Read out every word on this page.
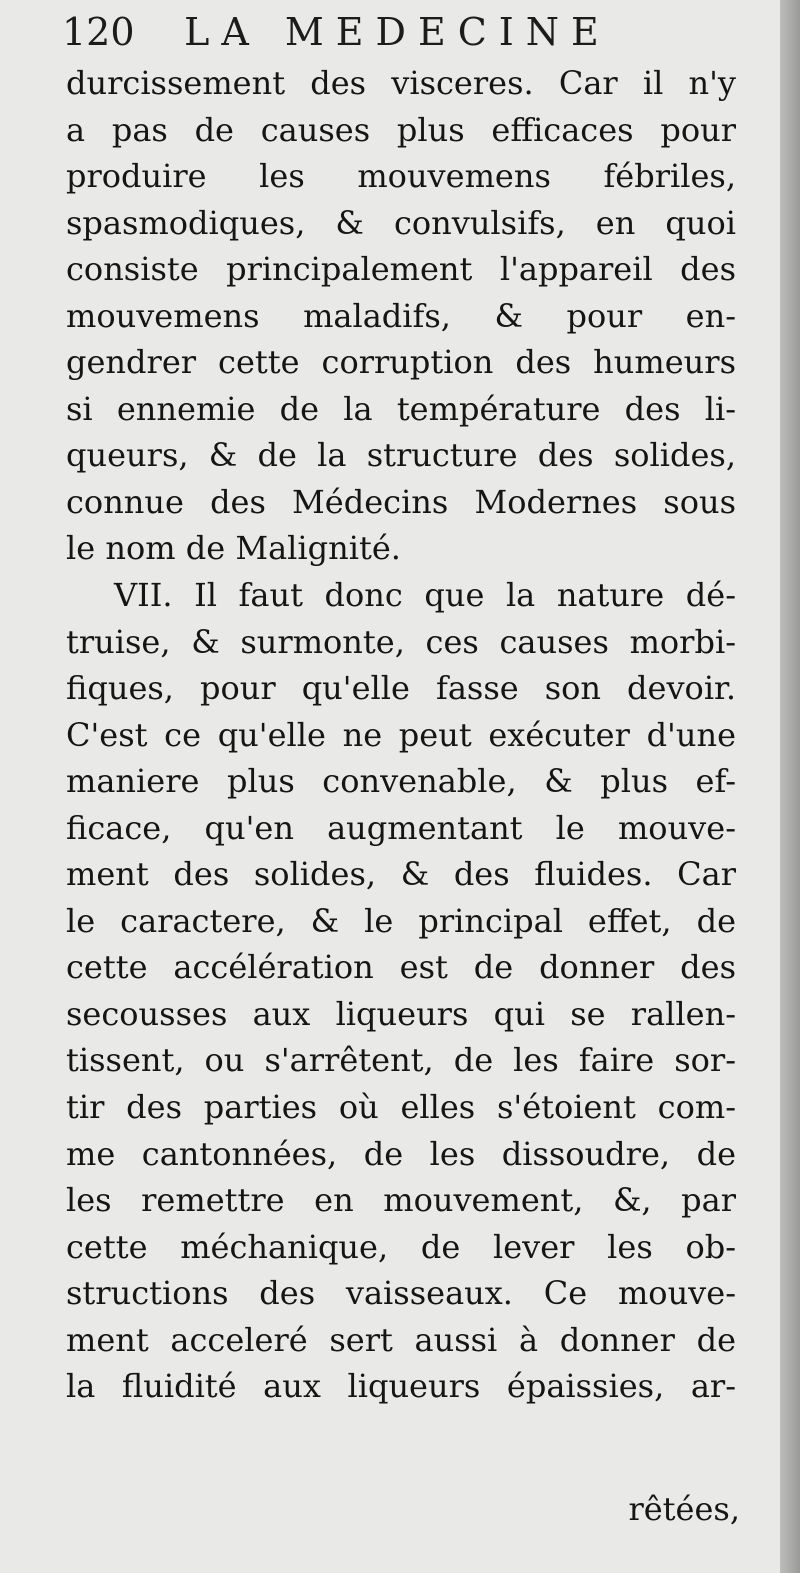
120 LA MEDECINE
durcissement des visceres. Car il n'y
a pas de causes plus efficaces pour
produire les mouvemens fébriles,
spasmodiques, & convulsifs, en quoi
consiste principalement l'appareil des
mouvemens maladifs, & pour en-
gendrer cette corruption des humeurs
si ennemie de la température des li-
queurs, & de la structure des solides,
connue des Médecins Modernes sous
le nom de Malignité.
VII. Il faut donc que la nature dé-
truise, & surmonte, ces causes morbi-
fiques, pour qu'elle fasse son devoir.
C'est ce qu'elle ne peut exécuter d'une
maniere plus convenable, & plus ef-
ficace, qu'en augmentant le mouve-
ment des solides, & des fluides. Car
le caractere, & le principal effet, de
cette accélération est de donner des
secousses aux liqueurs qui se rallen-
tissent, ou s'arrêtent, de les faire sor-
tir des parties où elles s'étoient com-
me cantonnées, de les dissoudre, de
les remettre en mouvement, &, par
cette méchanique, de lever les ob-
structions des vaisseaux. Ce mouve-
ment acceleré sert aussi à donner de
la fluidité aux liqueurs épaissies, ar-
rêtées,
